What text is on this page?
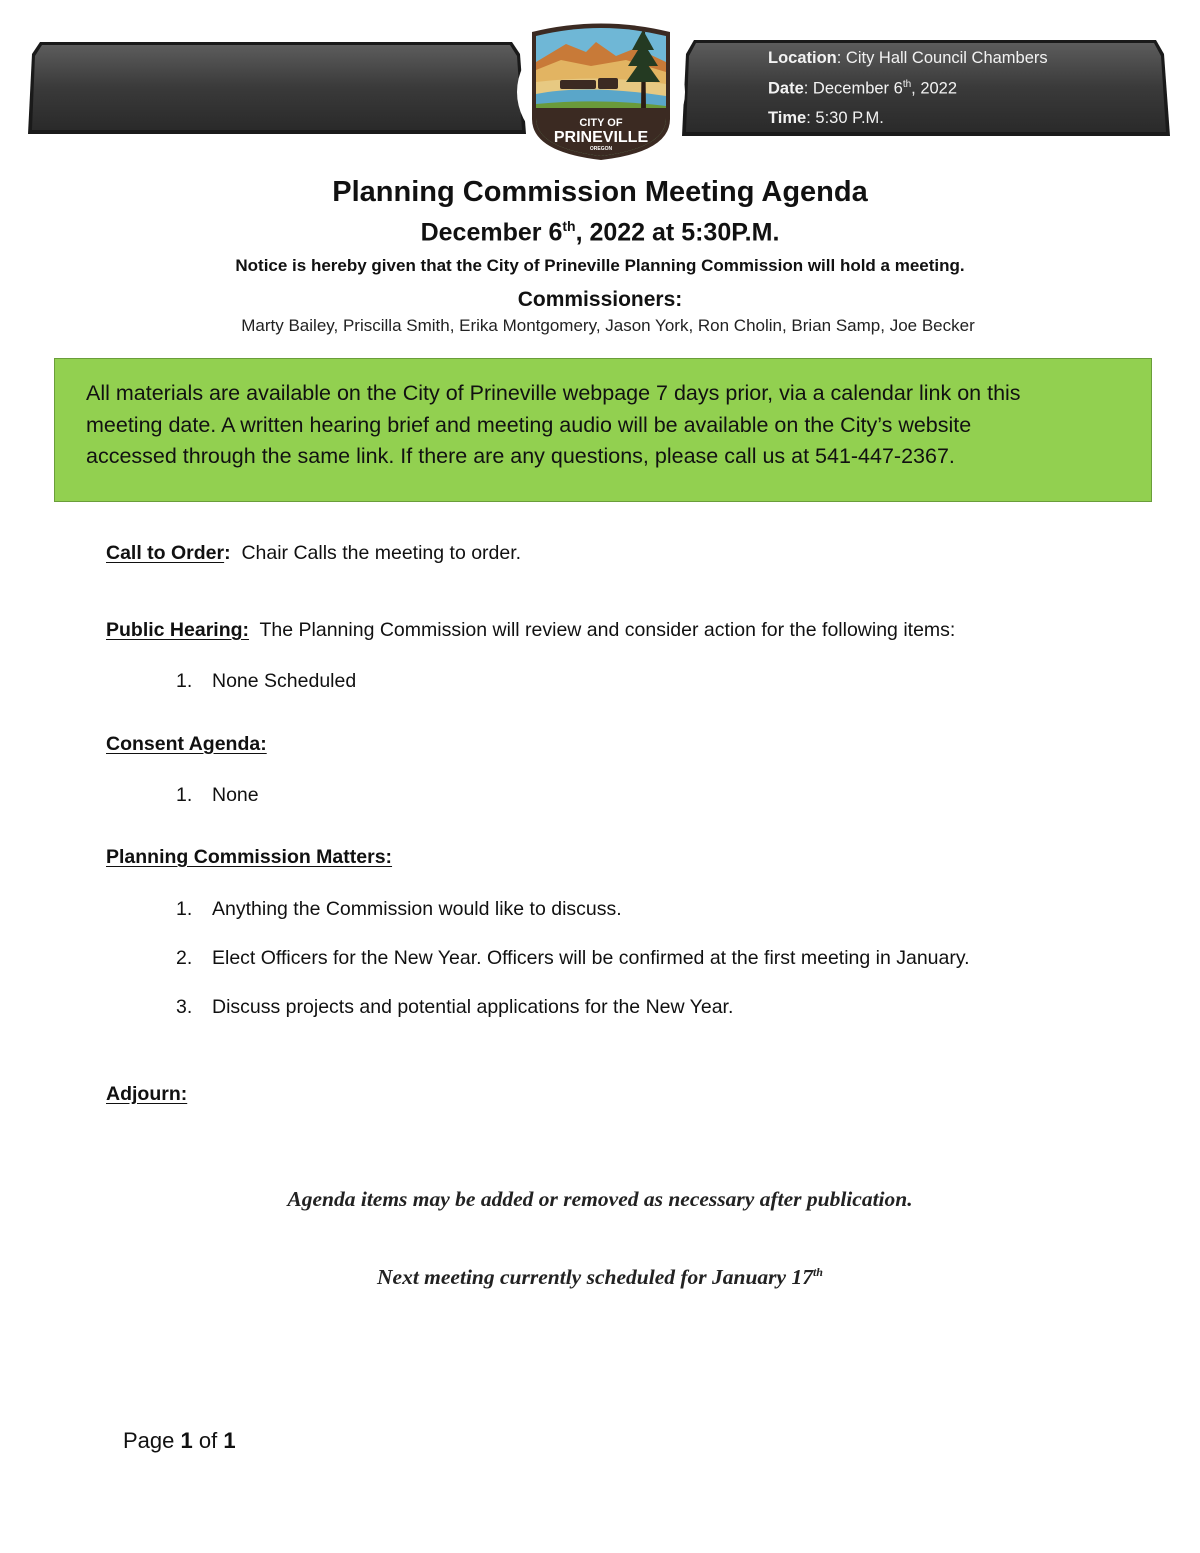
Location: City Hall Council Chambers
Date: December 6th, 2022
Time: 5:30 P.M.
CITY OF
PRINEVILLE
OREGON
Planning Commission Meeting Agenda
December 6th, 2022 at 5:30P.M.
Notice is hereby given that the City of Prineville Planning Commission will hold a meeting.
Commissioners:
Marty Bailey, Priscilla Smith, Erika Montgomery, Jason York, Ron Cholin, Brian Samp, Joe Becker
All materials are available on the City of Prineville webpage 7 days prior, via a calendar link on this
meeting date. A written hearing brief and meeting audio will be available on the City’s website
accessed through the same link. If there are any questions, please call us at 541-447-2367.
Call to Order:  Chair Calls the meeting to order.
Public Hearing:  The Planning Commission will review and consider action for the following items:
1. None Scheduled
Consent Agenda:
1. None
Planning Commission Matters:
1. Anything the Commission would like to discuss.
2. Elect Officers for the New Year. Officers will be confirmed at the first meeting in January.
3. Discuss projects and potential applications for the New Year.
Adjourn:
Agenda items may be added or removed as necessary after publication.
Next meeting currently scheduled for January 17th
Page 1 of 1
